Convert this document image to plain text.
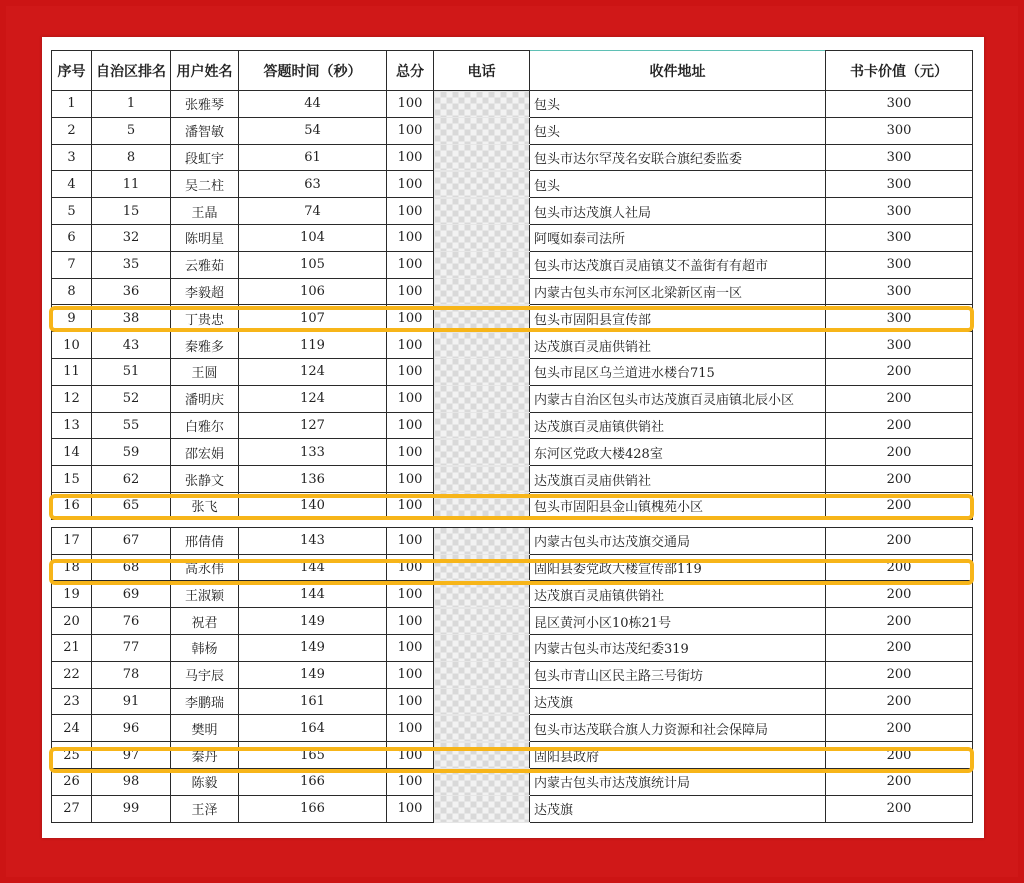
序号	自治区排名	用户姓名	答题时间（秒）	总分	电话	收件地址	书卡价值（元）
1	1	张雅琴	44	100		包头	300
2	5	潘智敏	54	100		包头	300
3	8	段虹宇	61	100		包头市达尔罕茂名安联合旗纪委监委	300
4	11	吴二柱	63	100		包头	300
5	15	王晶	74	100		包头市达茂旗人社局	300
6	32	陈明星	104	100		阿嘎如泰司法所	300
7	35	云雅茹	105	100		包头市达茂旗百灵庙镇艾不盖街有有超市	300
8	36	李毅超	106	100		内蒙古包头市东河区北梁新区南一区	300
9	38	丁贵忠	107	100		包头市固阳县宣传部	300
10	43	秦雅多	119	100		达茂旗百灵庙供销社	300
11	51	王圆	124	100		包头市昆区乌兰道进水楼台715	200
12	52	潘明庆	124	100		内蒙古自治区包头市达茂旗百灵庙镇北辰小区	200
13	55	白雅尔	127	100		达茂旗百灵庙镇供销社	200
14	59	邵宏娟	133	100		东河区党政大楼428室	200
15	62	张静文	136	100		达茂旗百灵庙供销社	200
16	65	张飞	140	100		包头市固阳县金山镇槐苑小区	200

17	67	邢倩倩	143	100		内蒙古包头市达茂旗交通局	200
18	68	高永伟	144	100		固阳县委党政大楼宣传部119	200
19	69	王淑颖	144	100		达茂旗百灵庙镇供销社	200
20	76	祝君	149	100		昆区黄河小区10栋21号	200
21	77	韩杨	149	100		内蒙古包头市达茂纪委319	200
22	78	马宇辰	149	100		包头市青山区民主路三号街坊	200
23	91	李鹏瑞	161	100		达茂旗	200
24	96	樊明	164	100		包头市达茂联合旗人力资源和社会保障局	200
25	97	秦丹	165	100		固阳县政府	200
26	98	陈毅	166	100		内蒙古包头市达茂旗统计局	200
27	99	王泽	166	100		达茂旗	200
